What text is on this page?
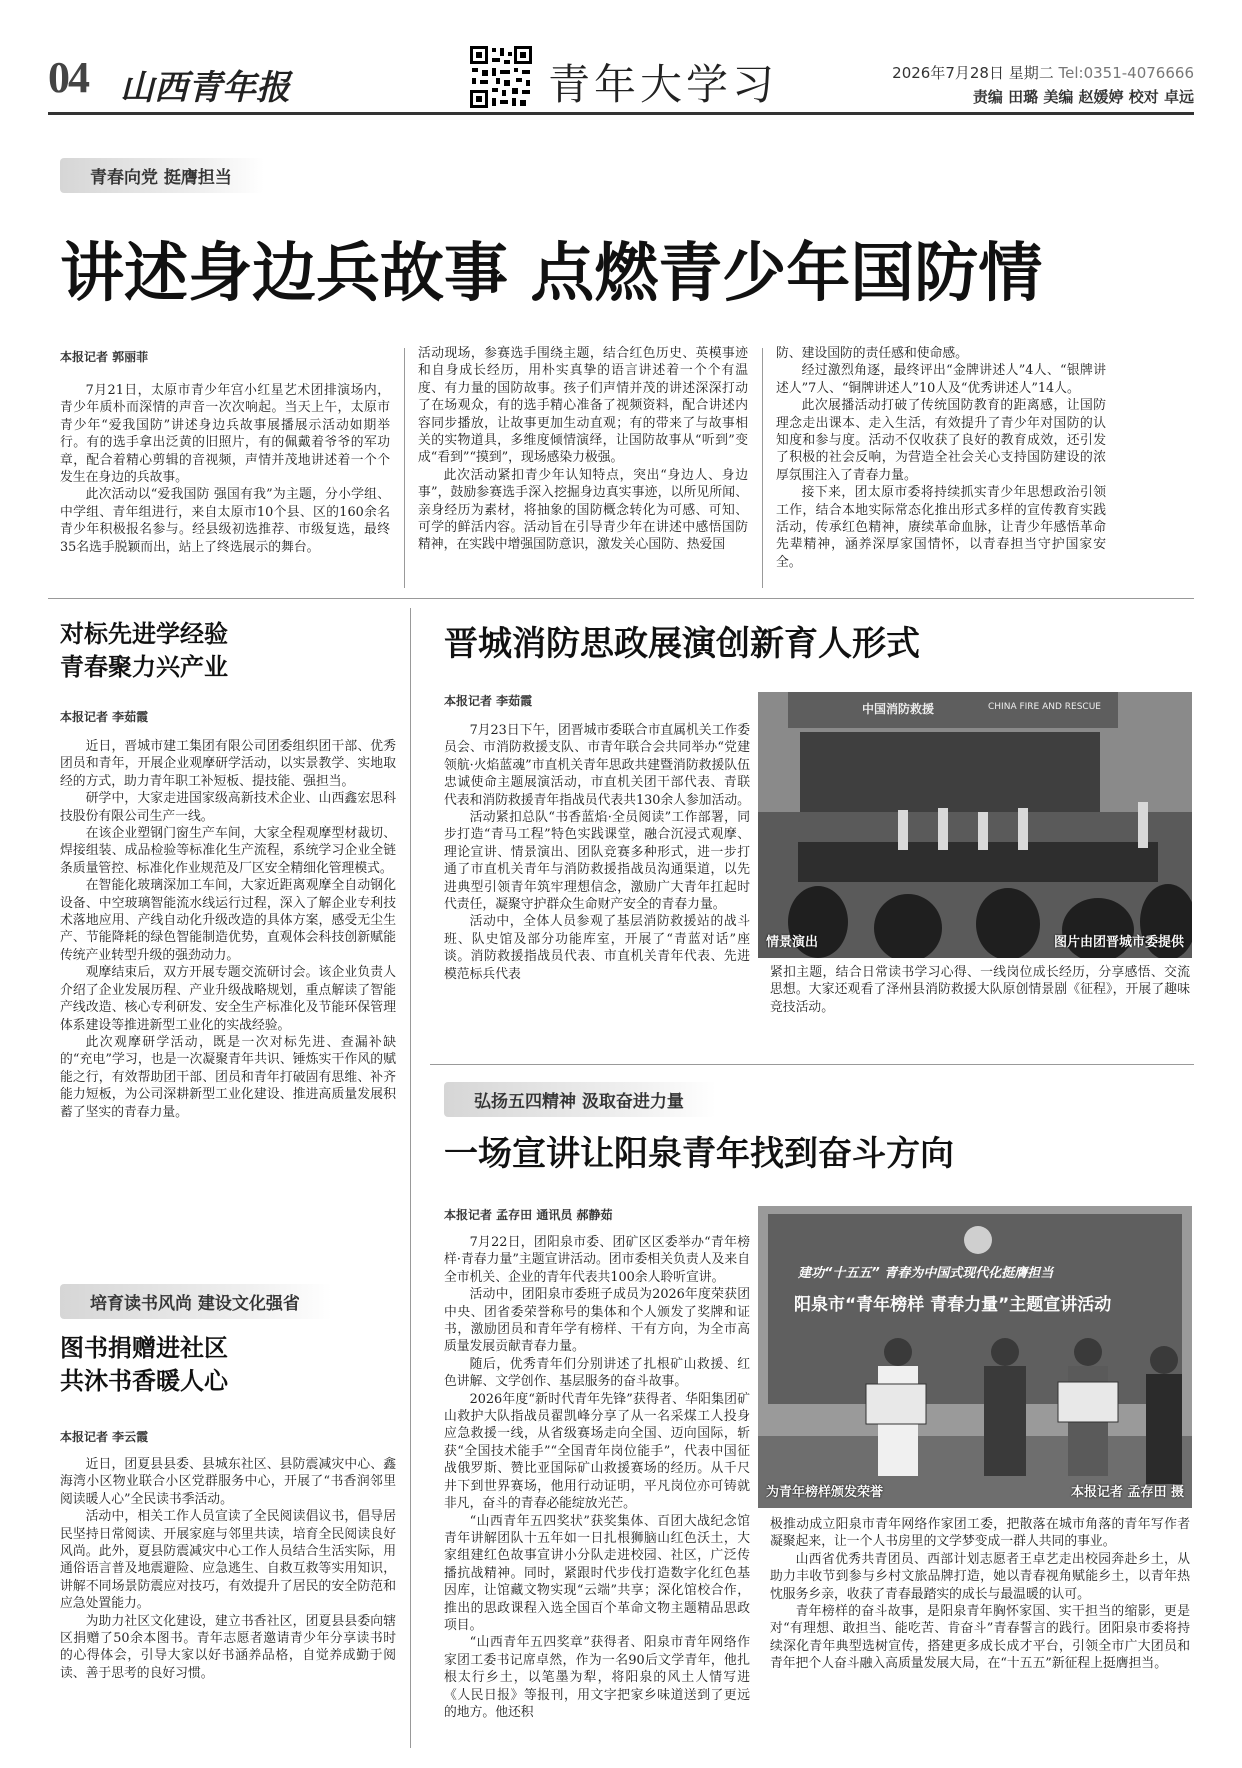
04 山西青年报	青年大学习	2026年7月28日 星期二 Tel:0351-4076666
责编 田璐 美编 赵媛婷 校对 卓远
青春向党 挺膺担当
讲述身边兵故事 点燃青少年国防情
本报记者 郭丽菲

7月21日，太原市青少年宫小红星艺术团排演场内，青少年质朴而深情的声音一次次响起。当天上午，太原市青少年“爱我国防”讲述身边兵故事展播展示活动如期举行。有的选手拿出泛黄的旧照片，有的佩戴着爷爷的军功章，配合着精心剪辑的音视频，声情并茂地讲述着一个个发生在身边的兵故事。

此次活动以“爱我国防 强国有我”为主题，分小学组、中学组、青年组进行，来自太原市10个县、区的160余名青少年积极报名参与。经县级初选推荐、市级复选，最终35名选手脱颖而出，站上了终选展示的舞台。

活动现场，参赛选手围绕主题，结合红色历史、英模事迹和自身成长经历，用朴实真挚的语言讲述着一个个有温度、有力量的国防故事。孩子们声情并茂的讲述深深打动了在场观众，有的选手精心准备了视频资料，配合讲述内容同步播放，让故事更加生动直观；有的带来了与故事相关的实物道具，多维度倾情演绎，让国防故事从“听到”变成“看到”“摸到”，现场感染力极强。

此次活动紧扣青少年认知特点，突出“身边人、身边事”，鼓励参赛选手深入挖掘身边真实事迹，以所见所闻、亲身经历为素材，将抽象的国防概念转化为可感、可知、可学的鲜活内容。活动旨在引导青少年在讲述中感悟国防精神，在实践中增强国防意识，激发关心国防、热爱国

防、建设国防的责任感和使命感。

经过激烈角逐，最终评出“金牌讲述人”4人、“银牌讲述人”7人、“铜牌讲述人”10人及“优秀讲述人”14人。

此次展播活动打破了传统国防教育的距离感，让国防理念走出课本、走入生活，有效提升了青少年对国防的认知度和参与度。活动不仅收获了良好的教育成效，还引发了积极的社会反响，为营造全社会关心支持国防建设的浓厚氛围注入了青春力量。

接下来，团太原市委将持续抓实青少年思想政治引领工作，结合本地实际常态化推出形式多样的宣传教育实践活动，传承红色精神，赓续革命血脉，让青少年感悟革命先辈精神，涵养深厚家国情怀，以青春担当守护国家安全。

对标先进学经验
青春聚力兴产业
本报记者 李茹霞

近日，晋城市建工集团有限公司团委组织团干部、优秀团员和青年，开展企业观摩研学活动，以实景教学、实地取经的方式，助力青年职工补短板、提技能、强担当。

研学中，大家走进国家级高新技术企业、山西鑫宏思科技股份有限公司生产一线。

在该企业塑钢门窗生产车间，大家全程观摩型材裁切、焊接组装、成品检验等标准化生产流程，系统学习企业全链条质量管控、标准化作业规范及厂区安全精细化管理模式。

在智能化玻璃深加工车间，大家近距离观摩全自动钢化设备、中空玻璃智能流水线运行过程，深入了解企业专利技术落地应用、产线自动化升级改造的具体方案，感受无尘生产、节能降耗的绿色智能制造优势，直观体会科技创新赋能传统产业转型升级的强劲动力。

观摩结束后，双方开展专题交流研讨会。该企业负责人介绍了企业发展历程、产业升级战略规划，重点解读了智能产线改造、核心专利研发、安全生产标准化及节能环保管理体系建设等推进新型工业化的实战经验。

此次观摩研学活动，既是一次对标先进、查漏补缺的“充电”学习，也是一次凝聚青年共识、锤炼实干作风的赋能之行，有效帮助团干部、团员和青年打破固有思维、补齐能力短板，为公司深耕新型工业化建设、推进高质量发展积蓄了坚实的青春力量。

培育读书风尚 建设文化强省
图书捐赠进社区
共沐书香暖人心
本报记者 李云霞

近日，团夏县县委、县城东社区、县防震减灾中心、鑫海湾小区物业联合小区党群服务中心，开展了“书香润邻里 阅读暖人心”全民读书季活动。

活动中，相关工作人员宣读了全民阅读倡议书，倡导居民坚持日常阅读、开展家庭与邻里共读，培育全民阅读良好风尚。此外，夏县防震减灾中心工作人员结合生活实际，用通俗语言普及地震避险、应急逃生、自救互救等实用知识，讲解不同场景防震应对技巧，有效提升了居民的安全防范和应急处置能力。

为助力社区文化建设，建立书香社区，团夏县县委向辖区捐赠了50余本图书。青年志愿者邀请青少年分享读书时的心得体会，引导大家以好书涵养品格，自觉养成勤于阅读、善于思考的良好习惯。

晋城消防思政展演创新育人形式
本报记者 李茹霞

7月23日下午，团晋城市委联合市直属机关工作委员会、市消防救援支队、市青年联合会共同举办“党建领航·火焰蓝魂”市直机关青年思政共建暨消防救援队伍忠诚使命主题展演活动，市直机关团干部代表、青联代表和消防救援青年指战员代表共130余人参加活动。

活动紧扣总队“书香蓝焰·全员阅读”工作部署，同步打造“青马工程”特色实践课堂，融合沉浸式观摩、理论宣讲、情景演出、团队竞赛多种形式，进一步打通了市直机关青年与消防救援指战员沟通渠道，以先进典型引领青年筑牢理想信念，激励广大青年扛起时代责任，凝聚守护群众生命财产安全的青春力量。

活动中，全体人员参观了基层消防救援站的战斗班、队史馆及部分功能库室，开展了“青蓝对话”座谈。消防救援指战员代表、市直机关青年代表、先进模范标兵代表

中国消防救援	CHINA FIRE AND RESCUE
情景演出	图片由团晋城市委提供

紧扣主题，结合日常读书学习心得、一线岗位成长经历，分享感悟、交流思想。大家还观看了泽州县消防救援大队原创情景剧《征程》，开展了趣味竞技活动。

弘扬五四精神 汲取奋进力量
一场宣讲让阳泉青年找到奋斗方向
本报记者 孟存田 通讯员 郝静茹

7月22日，团阳泉市委、团矿区区委举办“青年榜样·青春力量”主题宣讲活动。团市委相关负责人及来自全市机关、企业的青年代表共100余人聆听宣讲。

活动中，团阳泉市委班子成员为2026年度荣获团中央、团省委荣誉称号的集体和个人颁发了奖牌和证书，激励团员和青年学有榜样、干有方向，为全市高质量发展贡献青春力量。

随后，优秀青年们分别讲述了扎根矿山救援、红色讲解、文学创作、基层服务的奋斗故事。

2026年度“新时代青年先锋”获得者、华阳集团矿山救护大队指战员翟凯峰分享了从一名采煤工人投身应急救援一线，从省级赛场走向全国、迈向国际，斩获“全国技术能手”“全国青年岗位能手”，代表中国征战俄罗斯、赞比亚国际矿山救援赛场的经历。从千尺井下到世界赛场，他用行动证明，平凡岗位亦可铸就非凡，奋斗的青春必能绽放光芒。

“山西青年五四奖状”获奖集体、百团大战纪念馆青年讲解团队十五年如一日扎根狮脑山红色沃土，大家组建红色故事宣讲小分队走进校园、社区，广泛传播抗战精神。同时，紧跟时代步伐打造数字化红色基因库，让馆藏文物实现“云端”共享；深化馆校合作，推出的思政课程入选全国百个革命文物主题精品思政项目。

“山西青年五四奖章”获得者、阳泉市青年网络作家团工委书记席卓然，作为一名90后文学青年，他扎根太行乡土，以笔墨为犁，将阳泉的风土人情写进《人民日报》等报刊，用文字把家乡味道送到了更远的地方。他还积

建功“十五五” 青春为中国式现代化挺膺担当
阳泉市“青年榜样 青春力量”主题宣讲活动
为青年榜样颁发荣誉	本报记者 孟存田 摄

极推动成立阳泉市青年网络作家团工委，把散落在城市角落的青年写作者凝聚起来，让一个人书房里的文学梦变成一群人共同的事业。

山西省优秀共青团员、西部计划志愿者王卓艺走出校园奔赴乡土，从助力丰收节到参与乡村文旅品牌打造，她以青春视角赋能乡土，以青年热忱服务乡亲，收获了青春最踏实的成长与最温暖的认可。

青年榜样的奋斗故事，是阳泉青年胸怀家国、实干担当的缩影，更是对“有理想、敢担当、能吃苦、肯奋斗”青春誓言的践行。团阳泉市委将持续深化青年典型选树宣传，搭建更多成长成才平台，引领全市广大团员和青年把个人奋斗融入高质量发展大局，在“十五五”新征程上挺膺担当。
